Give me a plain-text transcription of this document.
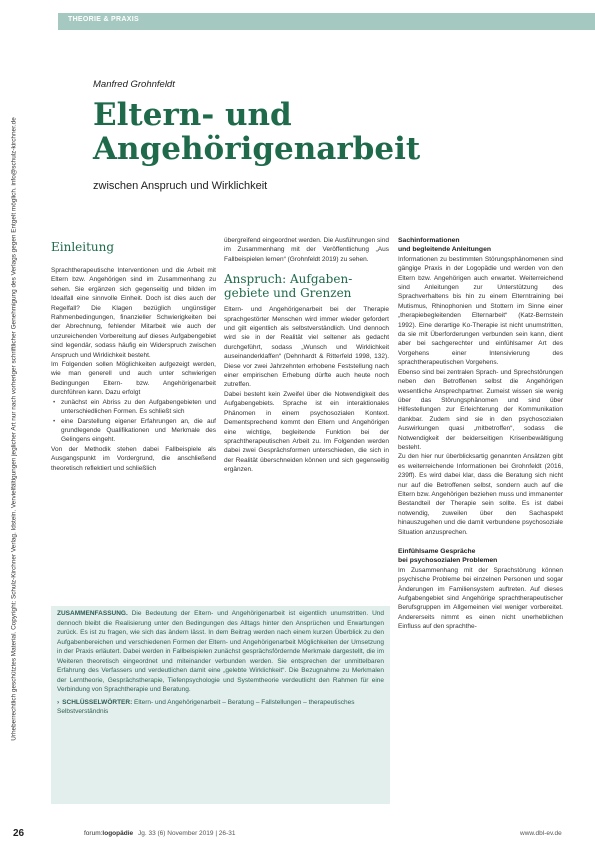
THEORIE & PRAXIS
Urheberrechtlich geschütztes Material. Copyright: Schulz-Kirchner Verlag. Idstein. Vervielfältigungen jeglicher Art nur nach vorheriger schriftlicher Genehmigung des Verlags gegen Entgelt möglich. info@schulz-kirchner.de
Manfred Grohnfeldt
Eltern- und
Angehörigenarbeit
zwischen Anspruch und Wirklichkeit
Einleitung

Sprachtherapeutische Interventionen und die Arbeit mit Eltern bzw. Angehörigen sind im Zusammenhang zu sehen. Sie ergänzen sich gegenseitig und bilden im Idealfall eine sinnvolle Einheit. Doch ist dies auch der Regelfall? Die Klagen bezüglich ungünstiger Rahmenbedingungen, finanzieller Schwierigkeiten bei der Abrechnung, fehlender Mitarbeit wie auch der unzureichenden Vorbereitung auf dieses Aufgabengebiet sind legendär, sodass häufig ein Widerspruch zwischen Anspruch und Wirklichkeit besteht.

Im Folgenden sollen Möglichkeiten aufgezeigt werden, wie man generell und auch unter schwierigen Bedingungen Eltern- bzw. Angehörigenarbeit durchführen kann. Dazu erfolgt

• zunächst ein Abriss zu den Aufgabengebieten und unterschiedlichen Formen. Es schließt sich
• eine Darstellung eigener Erfahrungen an, die auf grundlegende Qualifikationen und Merkmale des Gelingens eingeht.

Von der Methodik stehen dabei Fallbeispiele als Ausgangspunkt im Vordergrund, die anschließend theoretisch reflektiert und schließlich

übergreifend eingeordnet werden. Die Ausführungen sind im Zusammenhang mit der Veröffentlichung „Aus Fallbeispielen lernen“ (Grohnfeldt 2019) zu sehen.

Anspruch: Aufgaben-
gebiete und Grenzen

Eltern- und Angehörigenarbeit bei der Therapie sprachgestörter Menschen wird immer wieder gefordert und gilt eigentlich als selbstverständlich. Und dennoch wird sie in der Realität viel seltener als gedacht durchgeführt, sodass „Wunsch und Wirklichkeit auseinanderklaffen“ (Dehnhardt & Ritterfeld 1998, 132). Diese vor zwei Jahrzehnten erhobene Feststellung nach einer empirischen Erhebung dürfte auch heute noch zutreffen.

Dabei besteht kein Zweifel über die Notwendigkeit des Aufgabengebiets. Sprache ist ein interaktionales Phänomen in einem psychosozialen Kontext. Dementsprechend kommt den Eltern und Angehörigen eine wichtige, begleitende Funktion bei der sprachtherapeutischen Arbeit zu. Im Folgenden werden dabei zwei Gesprächsformen unterschieden, die sich in der Realität überschneiden können und sich gegenseitig ergänzen.

Sachinformationen
und begleitende Anleitungen

Informationen zu bestimmten Störungsphänomenen sind gängige Praxis in der Logopädie und werden von den Eltern bzw. Angehörigen auch erwartet. Weiterreichend sind Anleitungen zur Unterstützung des Sprachverhaltens bis hin zu einem Elterntraining bei Mutismus, Rhinophonien und Stottern im Sinne einer „therapiebegleitenden Elternarbeit“ (Katz-Bernstein 1992). Eine derartige Ko-Therapie ist nicht unumstritten, da sie mit Überforderungen verbunden sein kann, dient aber bei sachgerechter und einfühlsamer Art des Vorgehens einer Intensivierung des sprachtherapeutischen Vorgehens.

Ebenso sind bei zentralen Sprach- und Sprechstörungen neben den Betroffenen selbst die Angehörigen wesentliche Ansprechpartner. Zumeist wissen sie wenig über das Störungsphänomen und sind über Hilfestellungen zur Erleichterung der Kommunikation dankbar. Zudem sind sie in den psychosozialen Auswirkungen quasi „mitbetroffen“, sodass die Notwendigkeit der beiderseitigen Krisenbewältigung besteht.

Zu den hier nur überblicksartig genannten Ansätzen gibt es weiterreichende Informationen bei Grohnfeldt (2016, 239ff). Es wird dabei klar, dass die Beratung sich nicht nur auf die Betroffenen selbst, sondern auch auf die Eltern bzw. Angehörigen beziehen muss und immanenter Bestandteil der Therapie sein sollte. Es ist dabei notwendig, zuweilen über den Sachaspekt hinauszugehen und die damit verbundene psychosoziale Situation anzusprechen.

Einfühlsame Gespräche
bei psychosozialen Problemen

Im Zusammenhang mit der Sprachstörung können psychische Probleme bei einzelnen Personen und sogar Änderungen im Familiensystem auftreten. Auf dieses Aufgabengebiet sind Angehörige sprachtherapeutischer Berufsgruppen im Allgemeinen viel weniger vorbereitet. Andererseits nimmt es einen nicht unerheblichen Einfluss auf den sprachthe-

ZUSAMMENFASSUNG. Die Bedeutung der Eltern- und Angehörigenarbeit ist eigentlich unumstritten. Und dennoch bleibt die Realisierung unter den Bedingungen des Alltags hinter den Ansprüchen und Erwartungen zurück. Es ist zu fragen, wie sich das ändern lässt. In dem Beitrag werden nach einem kurzen Überblick zu den Aufgabenbereichen und verschiedenen Formen der Eltern- und Angehörigenarbeit Möglichkeiten der Umsetzung in der Praxis erläutert. Dabei werden in Fallbeispielen zunächst gesprächsfördernde Merkmale dargestellt, die im Weiteren theoretisch eingeordnet und miteinander verbunden werden. Sie entsprechen der unmittelbaren Erfahrung des Verfassers und verdeutlichen damit eine „gelebte Wirklichkeit“. Die Bezugnahme zu Merkmalen der Lerntheorie, Gesprächstherapie, Tiefenpsychologie und Systemtheorie verdeutlicht den Rahmen für eine Verbindung von Sprachtherapie und Beratung.
› SCHLÜSSELWÖRTER: Eltern- und Angehörigenarbeit – Beratung – Fallstellungen – therapeutisches Selbstverständnis
26	forum:logopädie Jg. 33 (6) November 2019 | 26-31	www.dbl-ev.de
